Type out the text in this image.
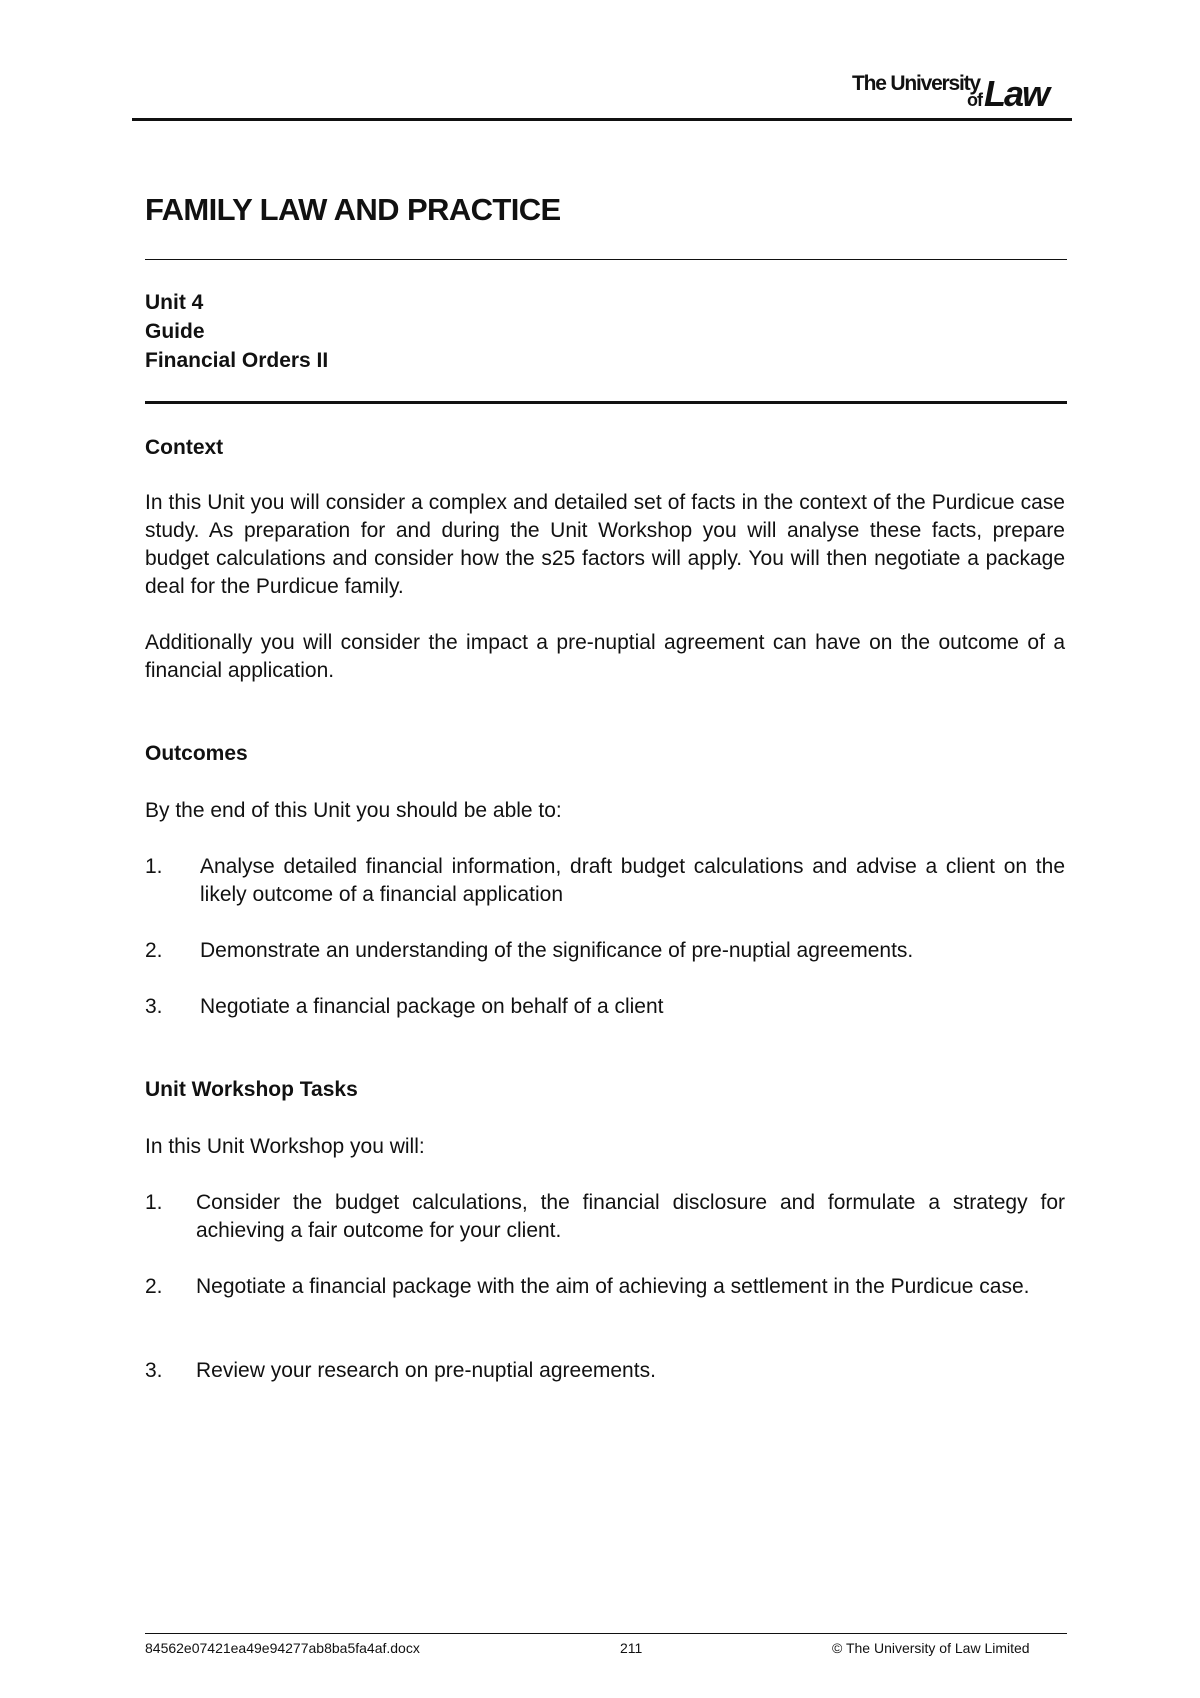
The University
of Law
FAMILY LAW AND PRACTICE
Unit 4
Guide
Financial Orders II
Context

In this Unit you will consider a complex and detailed set of facts in the context of the Purdicue case study. As preparation for and during the Unit Workshop you will analyse these facts, prepare budget calculations and consider how the s25 factors will apply. You will then negotiate a package deal for the Purdicue family.

Additionally you will consider the impact a pre-nuptial agreement can have on the outcome of a financial application.

Outcomes

By the end of this Unit you should be able to:

1. Analyse detailed financial information, draft budget calculations and advise a client on the likely outcome of a financial application
2. Demonstrate an understanding of the significance of pre-nuptial agreements.
3. Negotiate a financial package on behalf of a client
Unit Workshop Tasks

In this Unit Workshop you will:

1. Consider the budget calculations, the financial disclosure and formulate a strategy for achieving a fair outcome for your client.
2. Negotiate a financial package with the aim of achieving a settlement in the Purdicue case.
3. Review your research on pre-nuptial agreements.
84562e07421ea49e94277ab8ba5fa4af.docx	211	© The University of Law Limited
